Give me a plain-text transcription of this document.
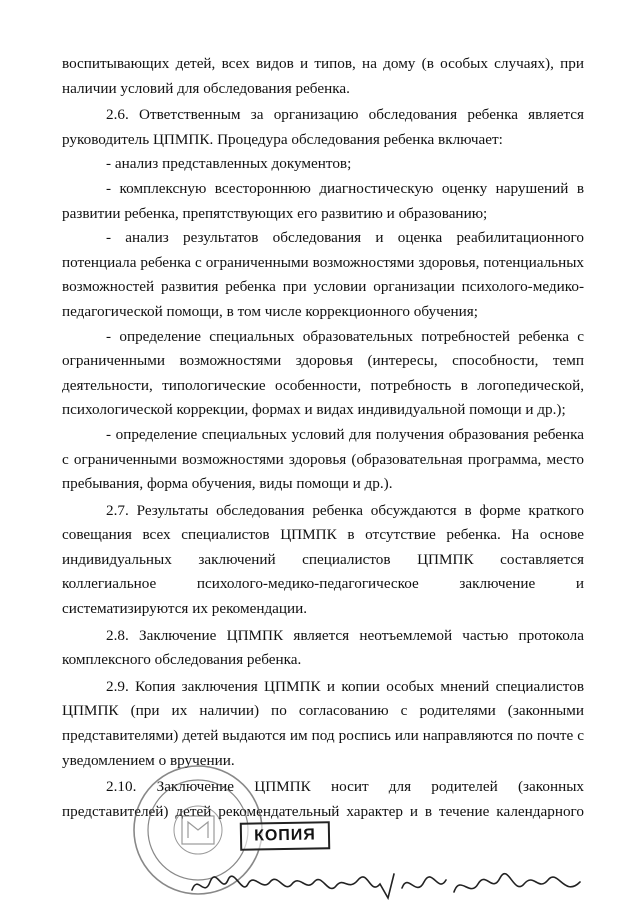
воспитывающих детей, всех видов и типов, на дому (в особых случаях), при наличии условий для обследования ребенка.

2.6. Ответственным за организацию обследования ребенка является руководитель ЦПМПК. Процедура обследования ребенка включает:

- анализ представленных документов;

- комплексную всестороннюю диагностическую оценку нарушений в развитии ребенка, препятствующих его развитию и образованию;

- анализ результатов обследования и оценка реабилитационного потенциала ребенка с ограниченными возможностями здоровья, потенциальных возможностей развития ребенка при условии организации психолого-медико-педагогической помощи, в том числе коррекционного обучения;

- определение специальных образовательных потребностей ребенка с ограниченными возможностями здоровья (интересы, способности, темп деятельности, типологические особенности, потребность в логопедической, психологической коррекции, формах и видах индивидуальной помощи и др.);

- определение специальных условий для получения образования ребенка с ограниченными возможностями здоровья (образовательная программа, место пребывания, форма обучения, виды помощи и др.).

2.7. Результаты обследования ребенка обсуждаются в форме краткого совещания всех специалистов ЦПМПК в отсутствие ребенка. На основе индивидуальных заключений специалистов ЦПМПК составляется коллегиальное психолого-медико-педагогическое заключение и систематизируются их рекомендации.

2.8. Заключение ЦПМПК является неотъемлемой частью протокола комплексного обследования ребенка.

2.9. Копия заключения ЦПМПК и копии особых мнений специалистов ЦПМПК (при их наличии) по согласованию с родителями (законными представителями) детей выдаются им под роспись или направляются по почте с уведомлением о вручении.

2.10. Заключение ЦПМПК носит для родителей (законных представителей) детей рекомендательный характер и в течение календарного

КОПИЯ
